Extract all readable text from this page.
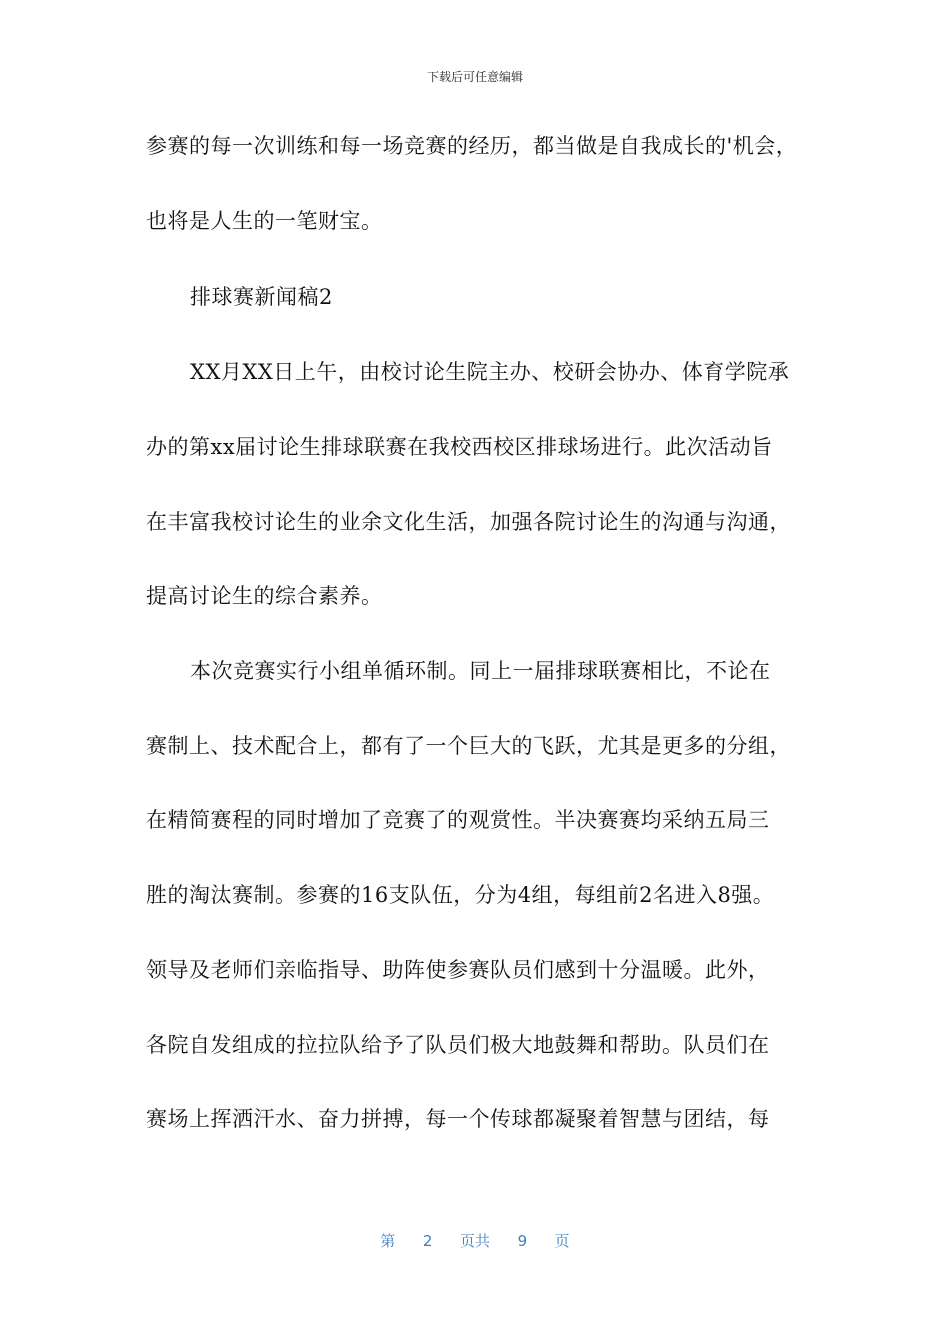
下载后可任意编辑
参赛的每一次训练和每一场竞赛的经历，都当做是自我成长的'机会，
也将是人生的一笔财宝。
排球赛新闻稿2
XX月XX日上午，由校讨论生院主办、校研会协办、体育学院承
办的第xx届讨论生排球联赛在我校西校区排球场进行。此次活动旨
在丰富我校讨论生的业余文化生活，加强各院讨论生的沟通与沟通，
提高讨论生的综合素养。
本次竞赛实行小组单循环制。同上一届排球联赛相比，不论在
赛制上、技术配合上，都有了一个巨大的飞跃，尤其是更多的分组，
在精简赛程的同时增加了竞赛了的观赏性。半决赛赛均采纳五局三
胜的淘汰赛制。参赛的16支队伍，分为4组，每组前2名进入8强。
领导及老师们亲临指导、助阵使参赛队员们感到十分温暖。此外，
各院自发组成的拉拉队给予了队员们极大地鼓舞和帮助。队员们在
赛场上挥洒汗水、奋力拼搏，每一个传球都凝聚着智慧与团结，每
第 2 页共 9 页
